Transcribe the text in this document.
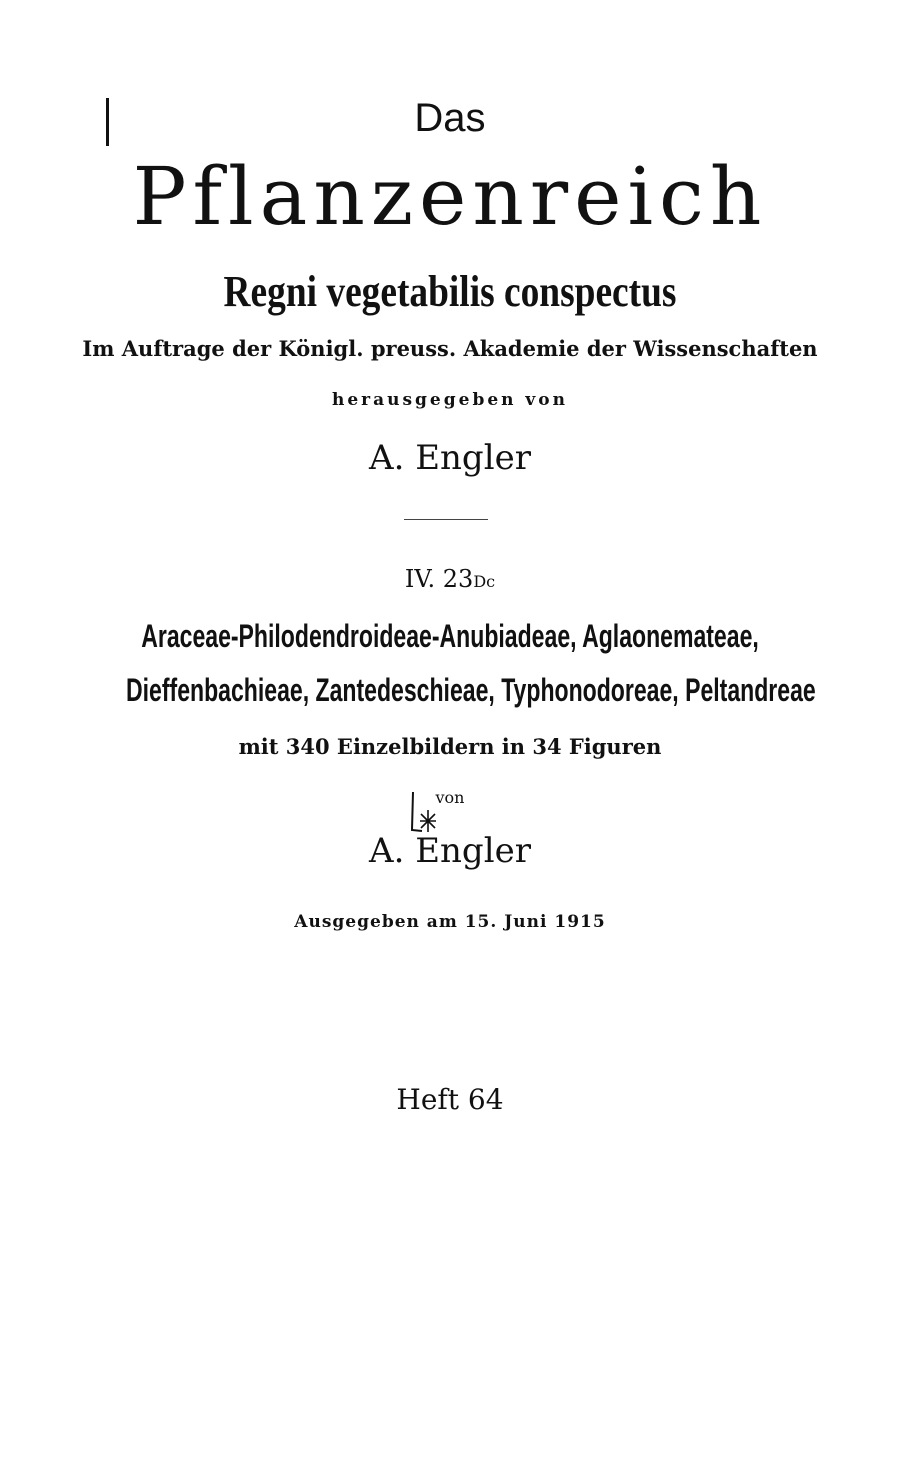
Das
Pflanzenreich
Regni vegetabilis conspectus
Im Auftrage der Königl. preuss. Akademie der Wissenschaften
herausgegeben von
A. Engler
IV. 23Dc
Araceae-Philodendroideae-Anubiadeae, Aglaonemateae,
Dieffenbachieae, Zantedeschieae, Typhonodoreae, Peltandreae
mit 340 Einzelbildern in 34 Figuren
von
A. Engler
Ausgegeben am 15. Juni 1915
Heft 64
